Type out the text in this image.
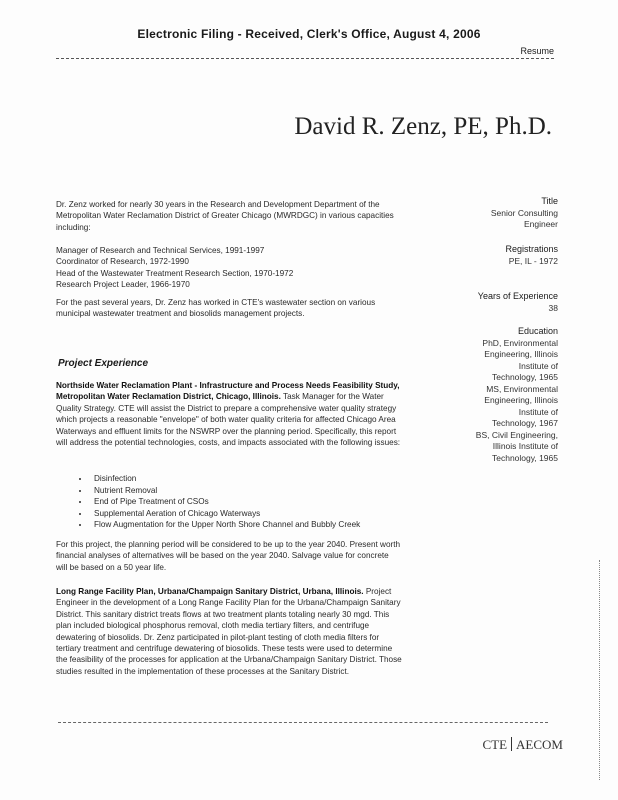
Electronic Filing - Received, Clerk's Office, August 4, 2006
Resume
David R. Zenz, PE, Ph.D.
Title
Senior Consulting
Engineer
Registrations
PE, IL - 1972
Years of Experience
38
Education
PhD, Environmental
Engineering, Illinois
Institute of
Technology, 1965
MS, Environmental
Engineering, Illinois
Institute of
Technology, 1967
BS, Civil Engineering,
Illinois Institute of
Technology, 1965
Dr. Zenz worked for nearly 30 years in the Research and Development Department of the Metropolitan Water Reclamation District of Greater Chicago (MWRDGC) in various capacities including:
Manager of Research and Technical Services, 1991-1997
Coordinator of Research, 1972-1990
Head of the Wastewater Treatment Research Section, 1970-1972
Research Project Leader, 1966-1970
For the past several years, Dr. Zenz has worked in CTE's wastewater section on various municipal wastewater treatment and biosolids management projects.
Project Experience
Northside Water Reclamation Plant - Infrastructure and Process Needs Feasibility Study, Metropolitan Water Reclamation District, Chicago, Illinois. Task Manager for the Water Quality Strategy. CTE will assist the District to prepare a comprehensive water quality strategy which projects a reasonable "envelope" of both water quality criteria for affected Chicago Area Waterways and effluent limits for the NSWRP over the planning period. Specifically, this report will address the potential technologies, costs, and impacts associated with the following issues:
• Disinfection
• Nutrient Removal
• End of Pipe Treatment of CSOs
• Supplemental Aeration of Chicago Waterways
• Flow Augmentation for the Upper North Shore Channel and Bubbly Creek
For this project, the planning period will be considered to be up to the year 2040. Present worth financial analyses of alternatives will be based on the year 2040. Salvage value for concrete will be based on a 50 year life.
Long Range Facility Plan, Urbana/Champaign Sanitary District, Urbana, Illinois. Project Engineer in the development of a Long Range Facility Plan for the Urbana/Champaign Sanitary District. This sanitary district treats flows at two treatment plants totaling nearly 30 mgd. This plan included biological phosphorus removal, cloth media tertiary filters, and centrifuge dewatering of biosolids. Dr. Zenz participated in pilot-plant testing of cloth media filters for tertiary treatment and centrifuge dewatering of biosolids. These tests were used to determine the feasibility of the processes for application at the Urbana/Champaign Sanitary District. Those studies resulted in the implementation of these processes at the Sanitary District.
CTE AECOM
